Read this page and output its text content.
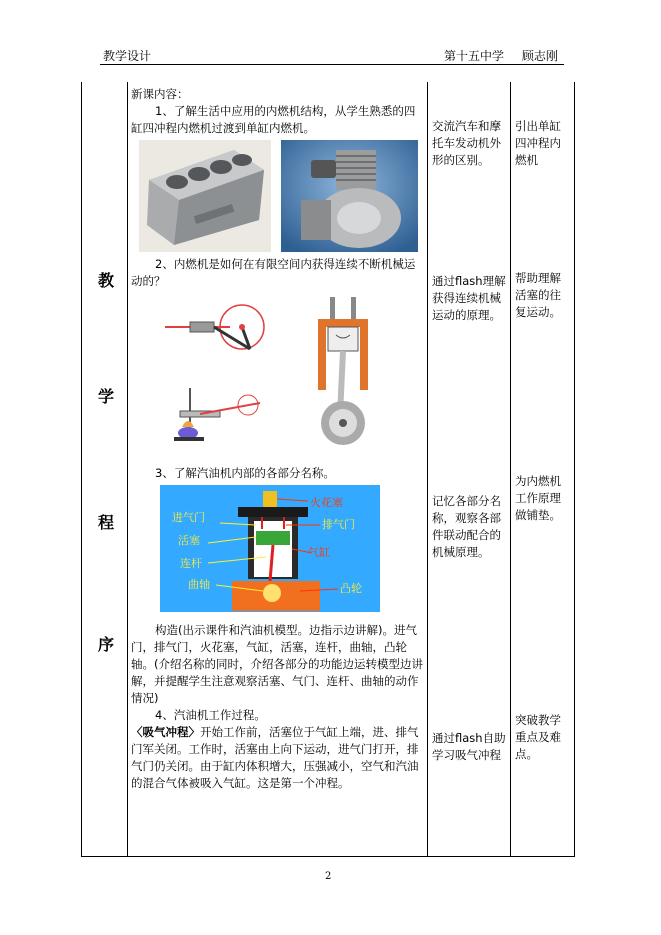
教学设计	第十五中学 顾志刚
教
学
程
序

新课内容：

1、了解生活中应用的内燃机结构，从学生熟悉的四缸四冲程内燃机过渡到单缸内燃机。

2、内燃机是如何在有限空间内获得连续不断机械运动的？

3、了解汽油机内部的各部分名称。

火花塞
进气门
排气门
活塞
气缸
连杆
曲轴	凸轮

构造(出示课件和汽油机模型。边指示边讲解)。进气门，排气门，火花塞，气缸，活塞，连杆，曲轴，凸轮轴。(介绍名称的同时，介绍各部分的功能边运转模型边讲解，并提醒学生注意观察活塞、气门、连杆、曲轴的动作情况)

4、汽油机工作过程。

〈吸气冲程〉开始工作前，活塞位于气缸上端，进、排气门军关闭。工作时，活塞由上向下运动，进气门打开，排气门仍关闭。由于缸内体积增大，压强减小，空气和汽油的混合气体被吸入气缸。这是第一个冲程。

交流汽车和摩托车发动机外形的区别。
通过flash理解获得连续机械运动的原理。
记忆各部分名称，观察各部件联动配合的机械原理。
通过flash自助学习吸气冲程
引出单缸四冲程内燃机
帮助理解活塞的往复运动。
为内燃机工作原理做铺垫。
突破教学重点及难点。
2
